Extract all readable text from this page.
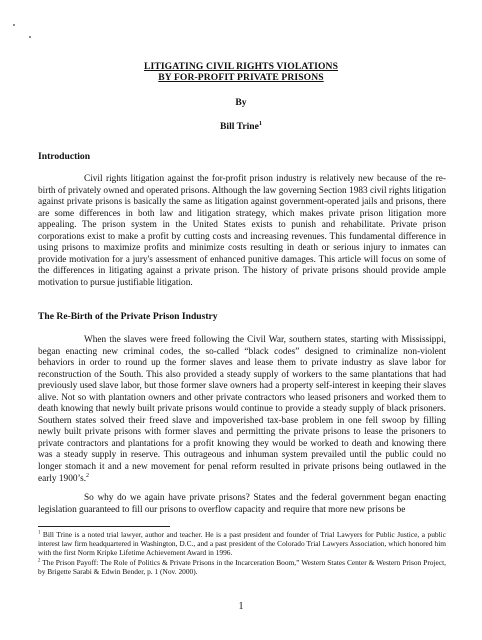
LITIGATING CIVIL RIGHTS VIOLATIONS
BY FOR-PROFIT PRIVATE PRISONS
By
Bill Trine$^1$
Introduction

Civil rights litigation against the for-profit prison industry is relatively new because of the re-birth of privately owned and operated prisons. Although the law governing Section 1983 civil rights litigation against private prisons is basically the same as litigation against government-operated jails and prisons, there are some differences in both law and litigation strategy, which makes private prison litigation more appealing. The prison system in the United States exists to punish and rehabilitate. Private prison corporations exist to make a profit by cutting costs and increasing revenues. This fundamental difference in using prisons to maximize profits and minimize costs resulting in death or serious injury to inmates can provide motivation for a jury's assessment of enhanced punitive damages. This article will focus on some of the differences in litigating against a private prison. The history of private prisons should provide ample motivation to pursue justifiable litigation.

The Re-Birth of the Private Prison Industry

When the slaves were freed following the Civil War, southern states, starting with Mississippi, began enacting new criminal codes, the so-called “black codes” designed to criminalize non-violent behaviors in order to round up the former slaves and lease them to private industry as slave labor for reconstruction of the South. This also provided a steady supply of workers to the same plantations that had previously used slave labor, but those former slave owners had a property self-interest in keeping their slaves alive. Not so with plantation owners and other private contractors who leased prisoners and worked them to death knowing that newly built private prisons would continue to provide a steady supply of black prisoners. Southern states solved their freed slave and impoverished tax-base problem in one fell swoop by filling newly built private prisons with former slaves and permitting the private prisons to lease the prisoners to private contractors and plantations for a profit knowing they would be worked to death and knowing there was a steady supply in reserve. This outrageous and inhuman system prevailed until the public could no longer stomach it and a new movement for penal reform resulted in private prisons being outlawed in the early 1900’s.$^2$

So why do we again have private prisons? States and the federal government began enacting legislation guaranteed to fill our prisons to overflow capacity and require that more new prisons be

$^1$ Bill Trine is a noted trial lawyer, author and teacher. He is a past president and founder of Trial Lawyers for Public Justice, a public interest law firm headquartered in Washington, D.C., and a past president of the Colorado Trial Lawyers Association, which honored him with the first Norm Kripke Lifetime Achievement Award in 1996.

$^2$ The Prison Payoff: The Role of Politics & Private Prisons in the Incarceration Boom,” Western States Center & Western Prison Project, by Brigette Sarabi & Edwin Bender, p. 1 (Nov. 2000).

1
